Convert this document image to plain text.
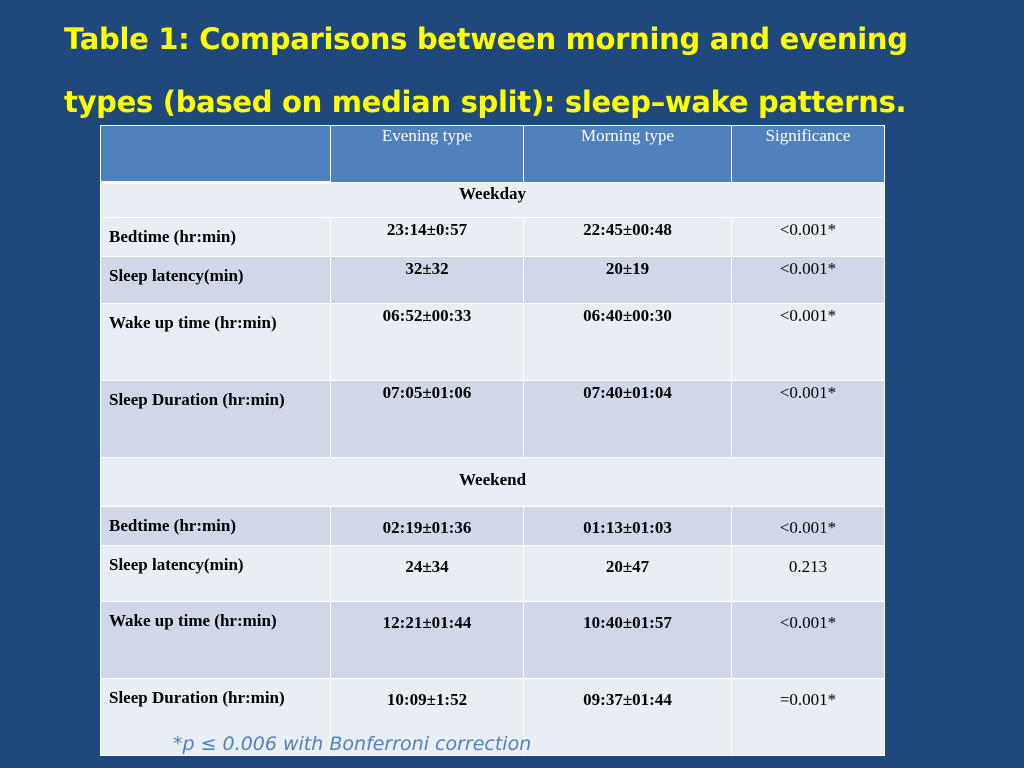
Table 1: Comparisons between morning and evening
types (based on median split): sleep–wake patterns.
	Evening type	Morning type	Significance
Weekday			
Bedtime (hr:min)	23:14±0:57	22:45±00:48	<0.001*
Sleep latency(min)	32±32	20±19	<0.001*
Wake up time (hr:min)	06:52±00:33	06:40±00:30	<0.001*
Sleep Duration (hr:min)	07:05±01:06	07:40±01:04	<0.001*
Weekend			
Bedtime (hr:min)	02:19±01:36	01:13±01:03	<0.001*
Sleep latency(min)	24±34	20±47	0.213
Wake up time (hr:min)	12:21±01:44	10:40±01:57	<0.001*
Sleep Duration (hr:min)	10:09±1:52	09:37±01:44	=0.001*
*p ≤ 0.006 with Bonferroni correction
